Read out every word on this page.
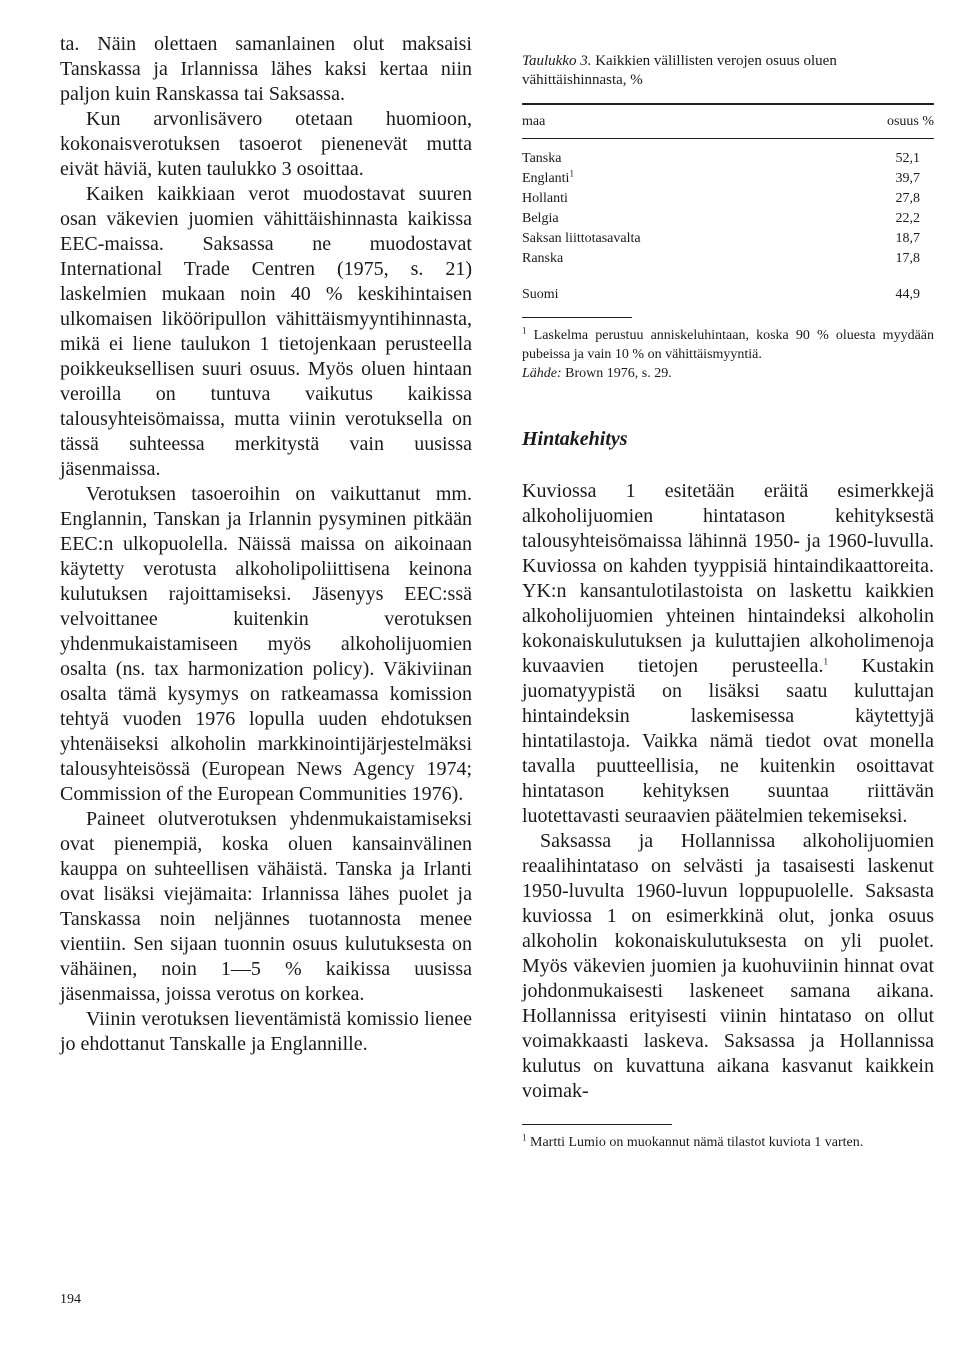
ta. Näin olettaen samanlainen olut maksaisi Tanskassa ja Irlannissa lähes kaksi kertaa niin paljon kuin Ranskassa tai Saksassa.

Kun arvonlisävero otetaan huomioon, kokonaisverotuksen tasoerot pienenevät mutta eivät häviä, kuten taulukko 3 osoittaa.

Kaiken kaikkiaan verot muodostavat suuren osan väkevien juomien vähittäishinnasta kaikissa EEC-maissa. Saksassa ne muodostavat International Trade Centren (1975, s. 21) laskelmien mukaan noin 40 % keskihintaisen ulkomaisen likööripullon vähittäismyyntihinnasta, mikä ei liene taulukon 1 tietojenkaan perusteella poikkeuksellisen suuri osuus. Myös oluen hintaan veroilla on tuntuva vaikutus kaikissa talousyhteisömaissa, mutta viinin verotuksella on tässä suhteessa merkitystä vain uusissa jäsenmaissa.

Verotuksen tasoeroihin on vaikuttanut mm. Englannin, Tanskan ja Irlannin pysyminen pitkään EEC:n ulkopuolella. Näissä maissa on aikoinaan käytetty verotusta alkoholipoliittisena keinona kulutuksen rajoittamiseksi. Jäsenyys EEC:ssä velvoittanee kuitenkin verotuksen yhdenmukaistamiseen myös alkoholijuomien osalta (ns. tax harmonization policy). Väkiviinan osalta tämä kysymys on ratkeamassa komission tehtyä vuoden 1976 lopulla uuden ehdotuksen yhtenäiseksi alkoholin markkinointijärjestelmäksi talousyhteisössä (European News Agency 1974; Commission of the European Communities 1976).

Paineet olutverotuksen yhdenmukaistamiseksi ovat pienempiä, koska oluen kansainvälinen kauppa on suhteellisen vähäistä. Tanska ja Irlanti ovat lisäksi viejämaita: Irlannissa lähes puolet ja Tanskassa noin neljännes tuotannosta menee vientiin. Sen sijaan tuonnin osuus kulutuksesta on vähäinen, noin 1—5 % kaikissa uusissa jäsenmaissa, joissa verotus on korkea.

Viinin verotuksen lieventämistä komissio lienee jo ehdottanut Tanskalle ja Englannille.

Taulukko 3. Kaikkien välillisten verojen osuus oluen vähittäishinnasta, %

maa	osuus %
Tanska	52,1
Englanti$^1$	39,7
Hollanti	27,8
Belgia	22,2
Saksan liittotasavalta	18,7
Ranska	17,8
Suomi	44,9

$^1$ Laskelma perustuu anniskeluhintaan, koska 90 % oluesta myydään pubeissa ja vain 10 % on vähittäismyyntiä.

Lähde: Brown 1976, s. 29.

Hintakehitys

Kuviossa 1 esitetään eräitä esimerkkejä alkoholijuomien hintatason kehityksestä talousyhteisömaissa lähinnä 1950- ja 1960-luvulla. Kuviossa on kahden tyyppisiä hintaindikaattoreita. YK:n kansantulotilastoista on laskettu kaikkien alkoholijuomien yhteinen hintaindeksi alkoholin kokonaiskulutuksen ja kuluttajien alkoholimenoja kuvaavien tietojen perusteella.$^1$ Kustakin juomatyypistä on lisäksi saatu kuluttajan hintaindeksin laskemisessa käytettyjä hintatilastoja. Vaikka nämä tiedot ovat monella tavalla puutteellisia, ne kuitenkin osoittavat hintatason kehityksen suuntaa riittävän luotettavasti seuraavien päätelmien tekemiseksi.

Saksassa ja Hollannissa alkoholijuomien reaalihintataso on selvästi ja tasaisesti laskenut 1950-luvulta 1960-luvun loppupuolelle. Saksasta kuviossa 1 on esimerkkinä olut, jonka osuus alkoholin kokonaiskulutuksesta on yli puolet. Myös väkevien juomien ja kuohuviinin hinnat ovat johdonmukaisesti laskeneet samana aikana. Hollannissa erityisesti viinin hintataso on ollut voimakkaasti laskeva. Saksassa ja Hollannissa kulutus on kuvattuna aikana kasvanut kaikkein voimak-

$^1$ Martti Lumio on muokannut nämä tilastot kuviota 1 varten.

194
